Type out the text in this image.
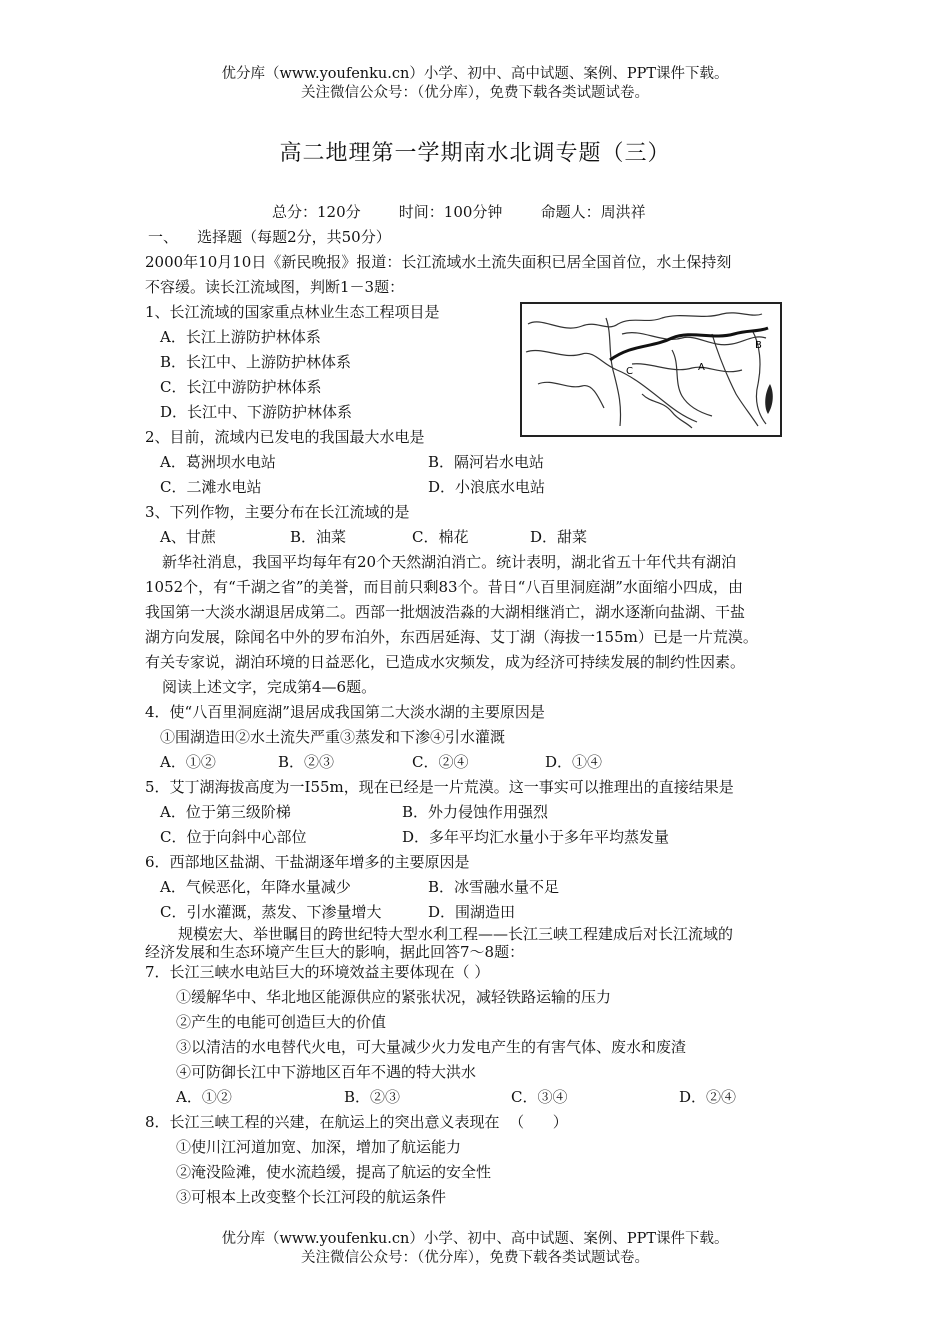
优分库（www.youfenku.cn）小学、初中、高中试题、案例、PPT课件下载。
关注微信公众号：（优分库），免费下载各类试题试卷。
高二地理第一学期南水北调专题（三）
总分：120分	时间：100分钟	命题人：周洪祥
一、    选择题（每题2分，共50分）
2000年10月10日《新民晚报》报道：长江流域水土流失面积已居全国首位，水土保持刻
不容缓。读长江流域图，判断1－3题：
1、长江流域的国家重点林业生态工程项目是
A．长江上游防护林体系
B．长江中、上游防护林体系
C．长江中游防护林体系
D．长江中、下游防护林体系
C	A
B
2、目前，流域内已发电的我国最大水电是
A．葛洲坝水电站	B．隔河岩水电站
C．二滩水电站	D．小浪底水电站
3、下列作物，主要分布在长江流域的是
A、甘蔗	B．油菜	C．棉花	D．甜菜
新华社消息，我国平均每年有20个天然湖泊消亡。统计表明，湖北省五十年代共有湖泊
1052个，有“千湖之省”的美誉，而目前只剩83个。昔日“八百里洞庭湖”水面缩小四成，由
我国第一大淡水湖退居成第二。西部一批烟波浩淼的大湖相继消亡，湖水逐渐向盐湖、干盐
湖方向发展，除闻名中外的罗布泊外，东西居延海、艾丁湖（海拔一155m）已是一片荒漠。
有关专家说，湖泊环境的日益恶化，已造成水灾频发，成为经济可持续发展的制约性因素。
阅读上述文字，完成第4—6题。
4．使“八百里洞庭湖”退居成我国第二大淡水湖的主要原因是
①围湖造田②水土流失严重③蒸发和下渗④引水灌溉
A．①②	B．②③	C．②④	D．①④
5．艾丁湖海拔高度为一I55m，现在已经是一片荒漠。这一事实可以推理出的直接结果是
A．位于第三级阶梯	B．外力侵蚀作用强烈
C．位于向斜中心部位	D．多年平均汇水量小于多年平均蒸发量
6．西部地区盐湖、干盐湖逐年增多的主要原因是
A．气候恶化，年降水量减少	B．冰雪融水量不足
C．引水灌溉，蒸发、下渗量增大	D．围湖造田
规模宏大、举世瞩目的跨世纪特大型水利工程——长江三峡工程建成后对长江流域的
经济发展和生态环境产生巨大的影响，据此回答7～8题：
7．长江三峡水电站巨大的环境效益主要体现在（ ）
①缓解华中、华北地区能源供应的紧张状况，减轻铁路运输的压力
②产生的电能可创造巨大的价值
③以清洁的水电替代火电，可大量减少火力发电产生的有害气体、废水和废渣
④可防御长江中下游地区百年不遇的特大洪水
A．①②	B．②③	C．③④	D．②④
8．长江三峡工程的兴建，在航运上的突出意义表现在  （      ）
①使川江河道加宽、加深，增加了航运能力
②淹没险滩，使水流趋缓，提高了航运的安全性
③可根本上改变整个长江河段的航运条件
优分库（www.youfenku.cn）小学、初中、高中试题、案例、PPT课件下载。
关注微信公众号：（优分库），免费下载各类试题试卷。
